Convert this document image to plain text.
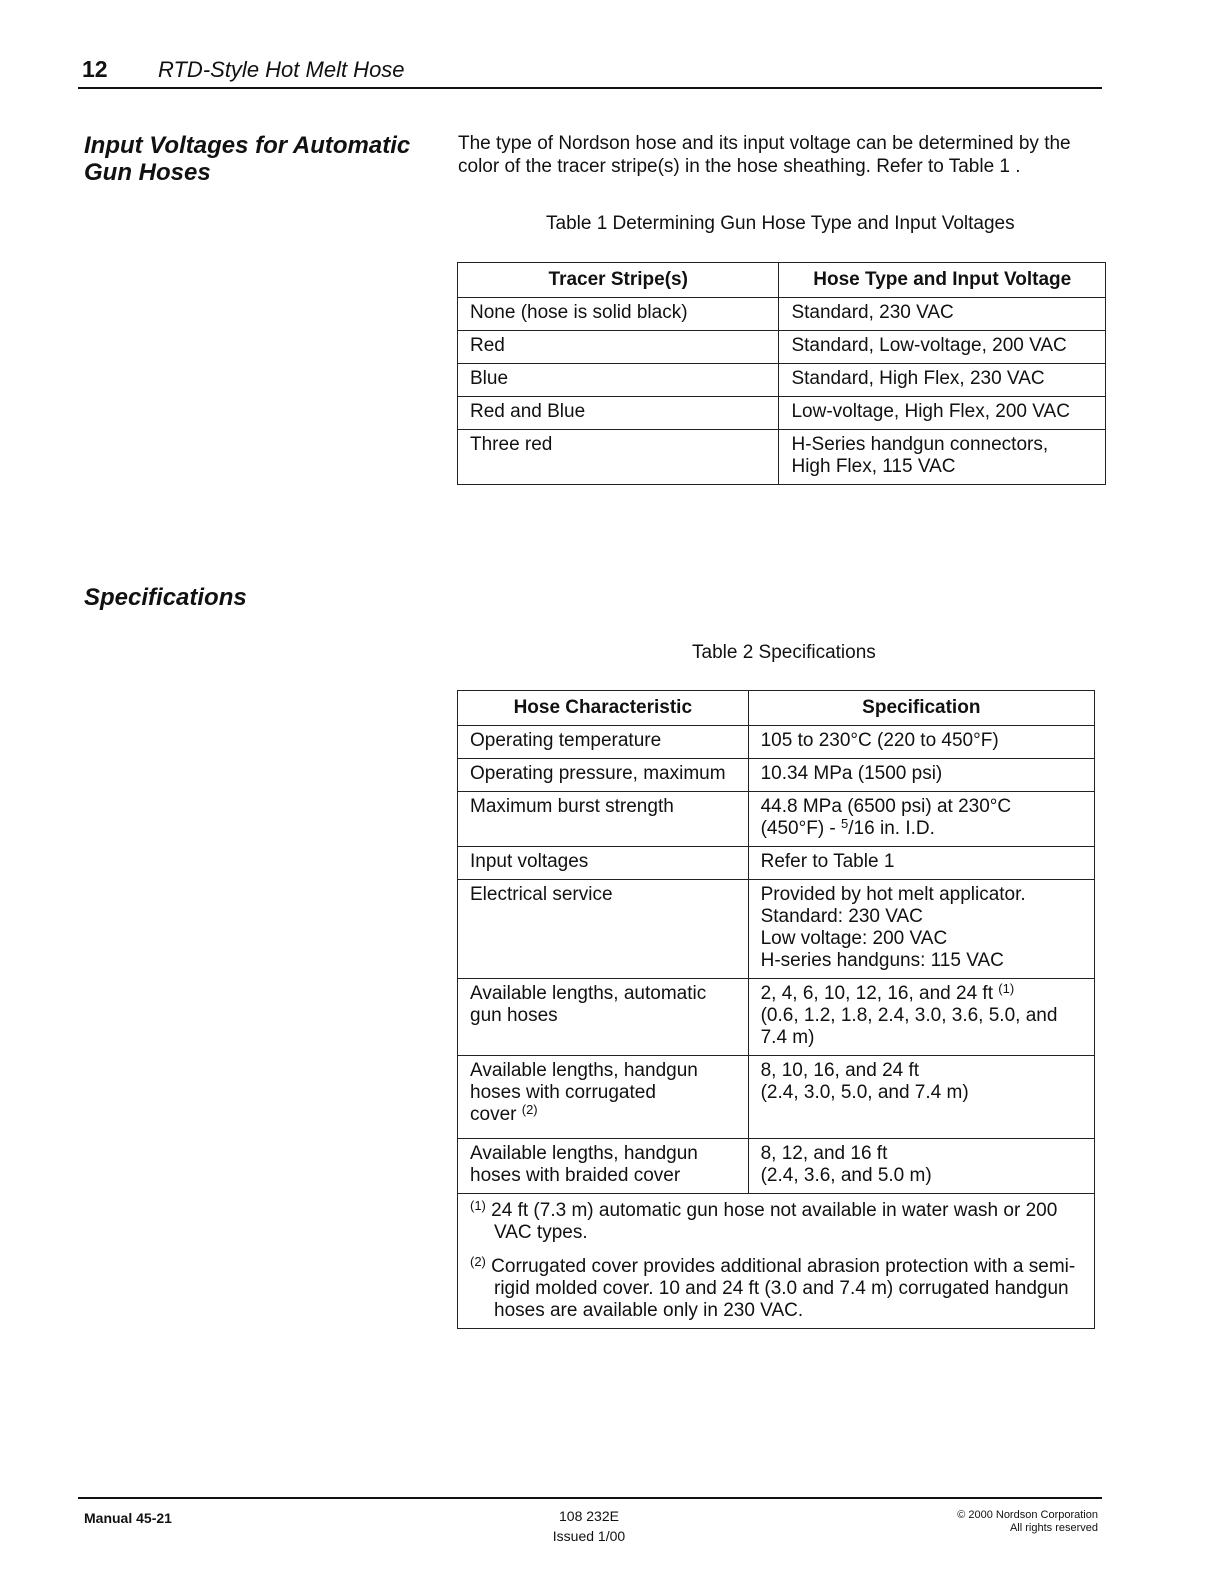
12 RTD-Style Hot Melt Hose
Input Voltages for Automatic
Gun Hoses
The type of Nordson hose and its input voltage can be determined by the
color of the tracer stripe(s) in the hose sheathing. Refer to Table 1 .
Table 1 Determining Gun Hose Type and Input Voltages
Tracer Stripe(s)	Hose Type and Input Voltage
None (hose is solid black)	Standard, 230 VAC
Red	Standard, Low-voltage, 200 VAC
Blue	Standard, High Flex, 230 VAC
Red and Blue	Low-voltage, High Flex, 200 VAC
Three red	H-Series handgun connectors,
High Flex, 115 VAC
Specifications
Table 2 Specifications
Hose Characteristic	Specification
Operating temperature	105 to 230°C (220 to 450°F)
Operating pressure, maximum	10.34 MPa (1500 psi)
Maximum burst strength	44.8 MPa (6500 psi) at 230°C
(450°F) - $^5$/16 in. I.D.

Input voltages	Refer to Table 1
Electrical service	Provided by hot melt applicator.
Standard: 230 VAC
Low voltage: 200 VAC
H-series handguns: 115 VAC

Available lengths, automatic
gun hoses	2, 4, 6, 10, 12, 16, and 24 ft $^{(1)}$
(0.6, 1.2, 1.8, 2.4, 3.0, 3.6, 5.0, and
7.4 m)

Available lengths, handgun
hoses with corrugated
cover $^{(2)}$	8, 10, 16, and 24 ft
(2.4, 3.0, 5.0, and 7.4 m)

Available lengths, handgun
hoses with braided cover	8, 12, and 16 ft
(2.4, 3.6, and 5.0 m)

$^{(1)}$ 24 ft (7.3 m) automatic gun hose not available in water wash or 200 VAC types.

$^{(2)}$ Corrugated cover provides additional abrasion protection with a semi-rigid molded cover. 10 and 24 ft (3.0 and 7.4 m) corrugated handgun hoses are available only in 230 VAC.	

Manual 45-21	108 232E
Issued 1/00
© 2000 Nordson Corporation
All rights reserved
